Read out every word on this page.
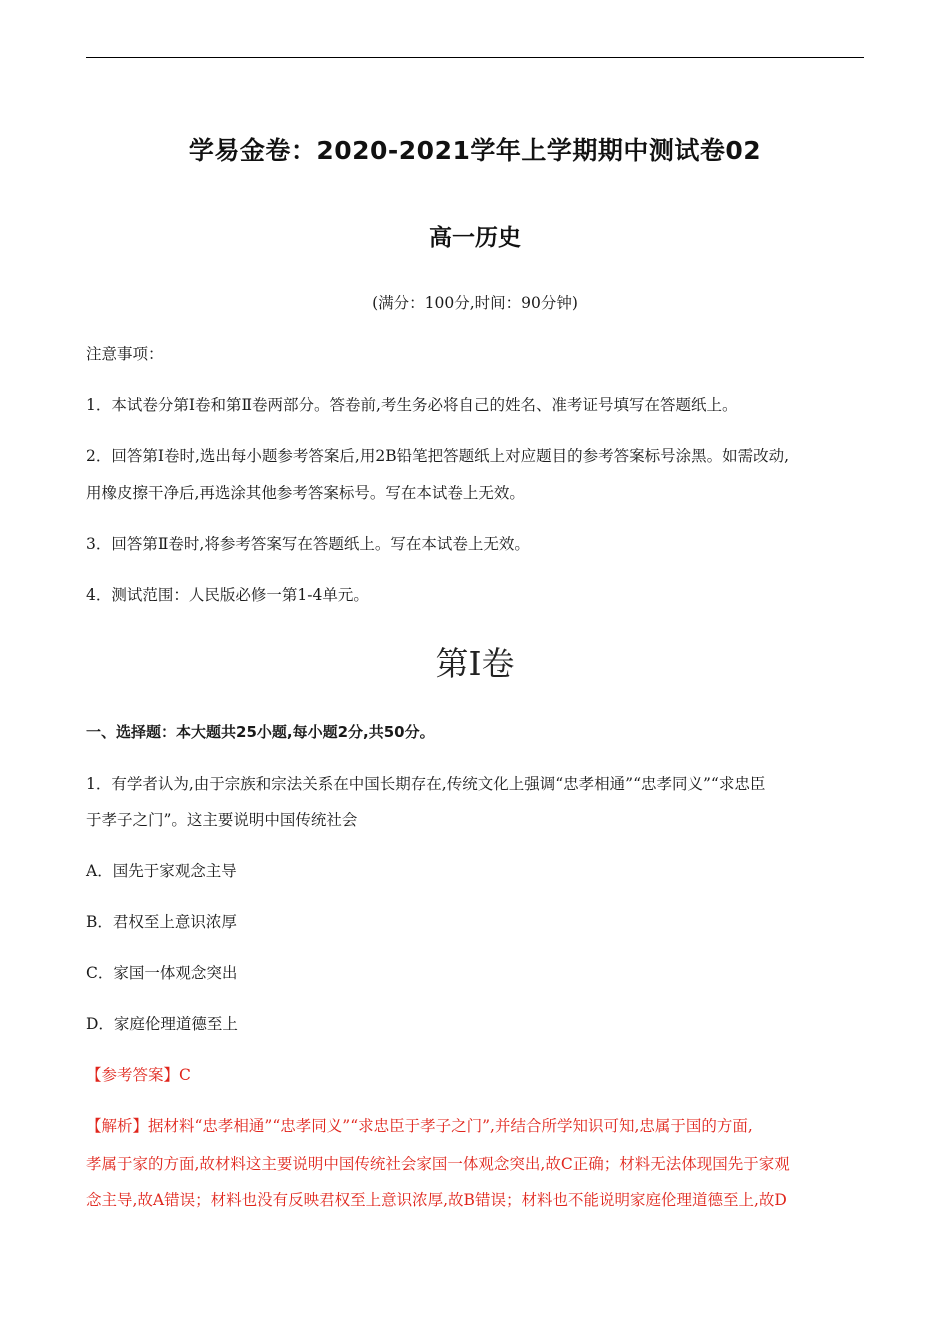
学易金卷：2020-2021学年上学期期中测试卷02
高一历史
(满分：100分,时间：90分钟)
注意事项：
1．本试卷分第Ⅰ卷和第Ⅱ卷两部分。答卷前,考生务必将自己的姓名、准考证号填写在答题纸上。
2．回答第Ⅰ卷时,选出每小题参考答案后,用2B铅笔把答题纸上对应题目的参考答案标号涂黑。如需改动,
用橡皮擦干净后,再选涂其他参考答案标号。写在本试卷上无效。
3．回答第Ⅱ卷时,将参考答案写在答题纸上。写在本试卷上无效。
4．测试范围：人民版必修一第1-4单元。
第Ⅰ卷
一、选择题：本大题共25小题,每小题2分,共50分。
1．有学者认为,由于宗族和宗法关系在中国长期存在,传统文化上强调“忠孝相通”“忠孝同义”“求忠臣
于孝子之门”。这主要说明中国传统社会
A．国先于家观念主导
B．君权至上意识浓厚
C．家国一体观念突出
D．家庭伦理道德至上
【参考答案】C
【解析】据材料“忠孝相通”“忠孝同义”“求忠臣于孝子之门”,并结合所学知识可知,忠属于国的方面,
孝属于家的方面,故材料这主要说明中国传统社会家国一体观念突出,故C正确；材料无法体现国先于家观
念主导,故A错误；材料也没有反映君权至上意识浓厚,故B错误；材料也不能说明家庭伦理道德至上,故D
